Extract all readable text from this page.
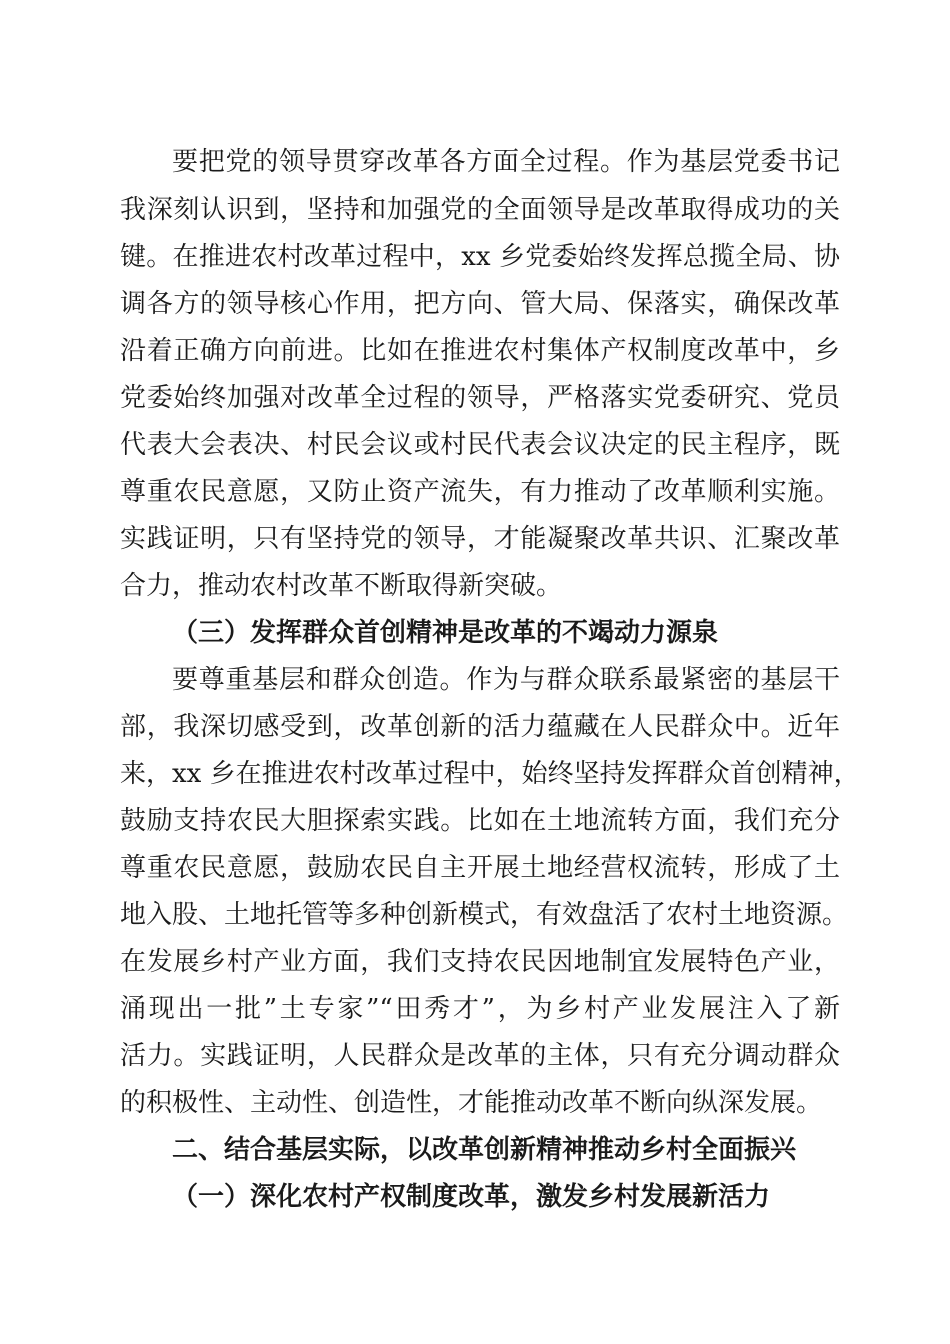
要把党的领导贯穿改革各方面全过程。作为基层党委书记
我深刻认识到，坚持和加强党的全面领导是改革取得成功的关
键。在推进农村改革过程中，xx 乡党委始终发挥总揽全局、协
调各方的领导核心作用，把方向、管大局、保落实，确保改革
沿着正确方向前进。比如在推进农村集体产权制度改革中，乡
党委始终加强对改革全过程的领导，严格落实党委研究、党员
代表大会表决、村民会议或村民代表会议决定的民主程序，既
尊重农民意愿，又防止资产流失，有力推动了改革顺利实施。
实践证明，只有坚持党的领导，才能凝聚改革共识、汇聚改革
合力，推动农村改革不断取得新突破。
（三）发挥群众首创精神是改革的不竭动力源泉
要尊重基层和群众创造。作为与群众联系最紧密的基层干
部，我深切感受到，改革创新的活力蕴藏在人民群众中。近年
来，xx 乡在推进农村改革过程中，始终坚持发挥群众首创精神，
鼓励支持农民大胆探索实践。比如在土地流转方面，我们充分
尊重农民意愿，鼓励农民自主开展土地经营权流转，形成了土
地入股、土地托管等多种创新模式，有效盘活了农村土地资源。
在发展乡村产业方面，我们支持农民因地制宜发展特色产业，
涌现出一批”土专家”“田秀才”，为乡村产业发展注入了新
活力。实践证明，人民群众是改革的主体，只有充分调动群众
的积极性、主动性、创造性，才能推动改革不断向纵深发展。
二、结合基层实际，以改革创新精神推动乡村全面振兴
（一）深化农村产权制度改革，激发乡村发展新活力
